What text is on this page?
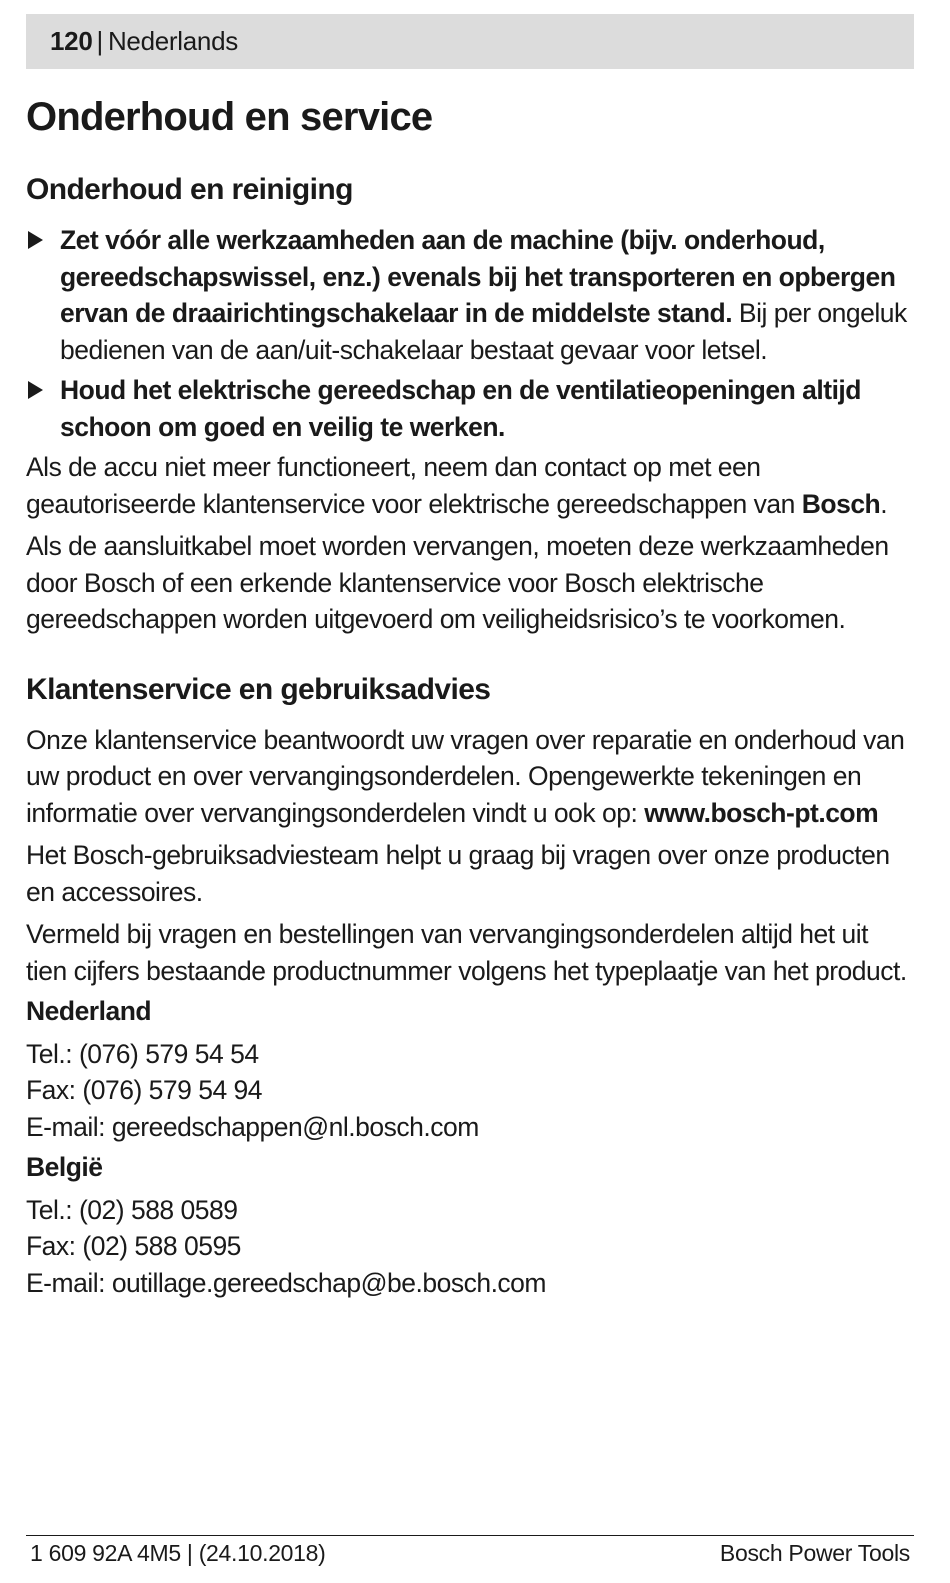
120 | Nederlands
Onderhoud en service
Onderhoud en reiniging

Zet vóór alle werkzaamheden aan de machine (bijv. onderhoud, gereedschapswissel, enz.) evenals bij het transporteren en opbergen ervan de draairichtingschakelaar in de middelste stand. Bij per ongeluk bedienen van de aan/uit-schakelaar bestaat gevaar voor letsel.

Houd het elektrische gereedschap en de ventilatieopeningen altijd schoon om goed en veilig te werken.

Als de accu niet meer functioneert, neem dan contact op met een geautoriseerde klantenservice voor elektrische gereedschappen van Bosch.

Als de aansluitkabel moet worden vervangen, moeten deze werkzaamheden door Bosch of een erkende klantenservice voor Bosch elektrische gereedschappen worden uitgevoerd om veiligheidsrisico’s te voorkomen.

Klantenservice en gebruiksadvies

Onze klantenservice beantwoordt uw vragen over reparatie en onderhoud van uw product en over vervangingsonderdelen. Opengewerkte tekeningen en informatie over vervangingsonderdelen vindt u ook op: www.bosch-pt.com

Het Bosch-gebruiksadviesteam helpt u graag bij vragen over onze producten en accessoires.

Vermeld bij vragen en bestellingen van vervangingsonderdelen altijd het uit tien cijfers bestaande productnummer volgens het typeplaatje van het product.

Nederland
Tel.: (076) 579 54 54
Fax: (076) 579 54 94
E-mail: gereedschappen@nl.bosch.com
België
Tel.: (02) 588 0589
Fax: (02) 588 0595
E-mail: outillage.gereedschap@be.bosch.com
1 609 92A 4M5 | (24.10.2018)	Bosch Power Tools
